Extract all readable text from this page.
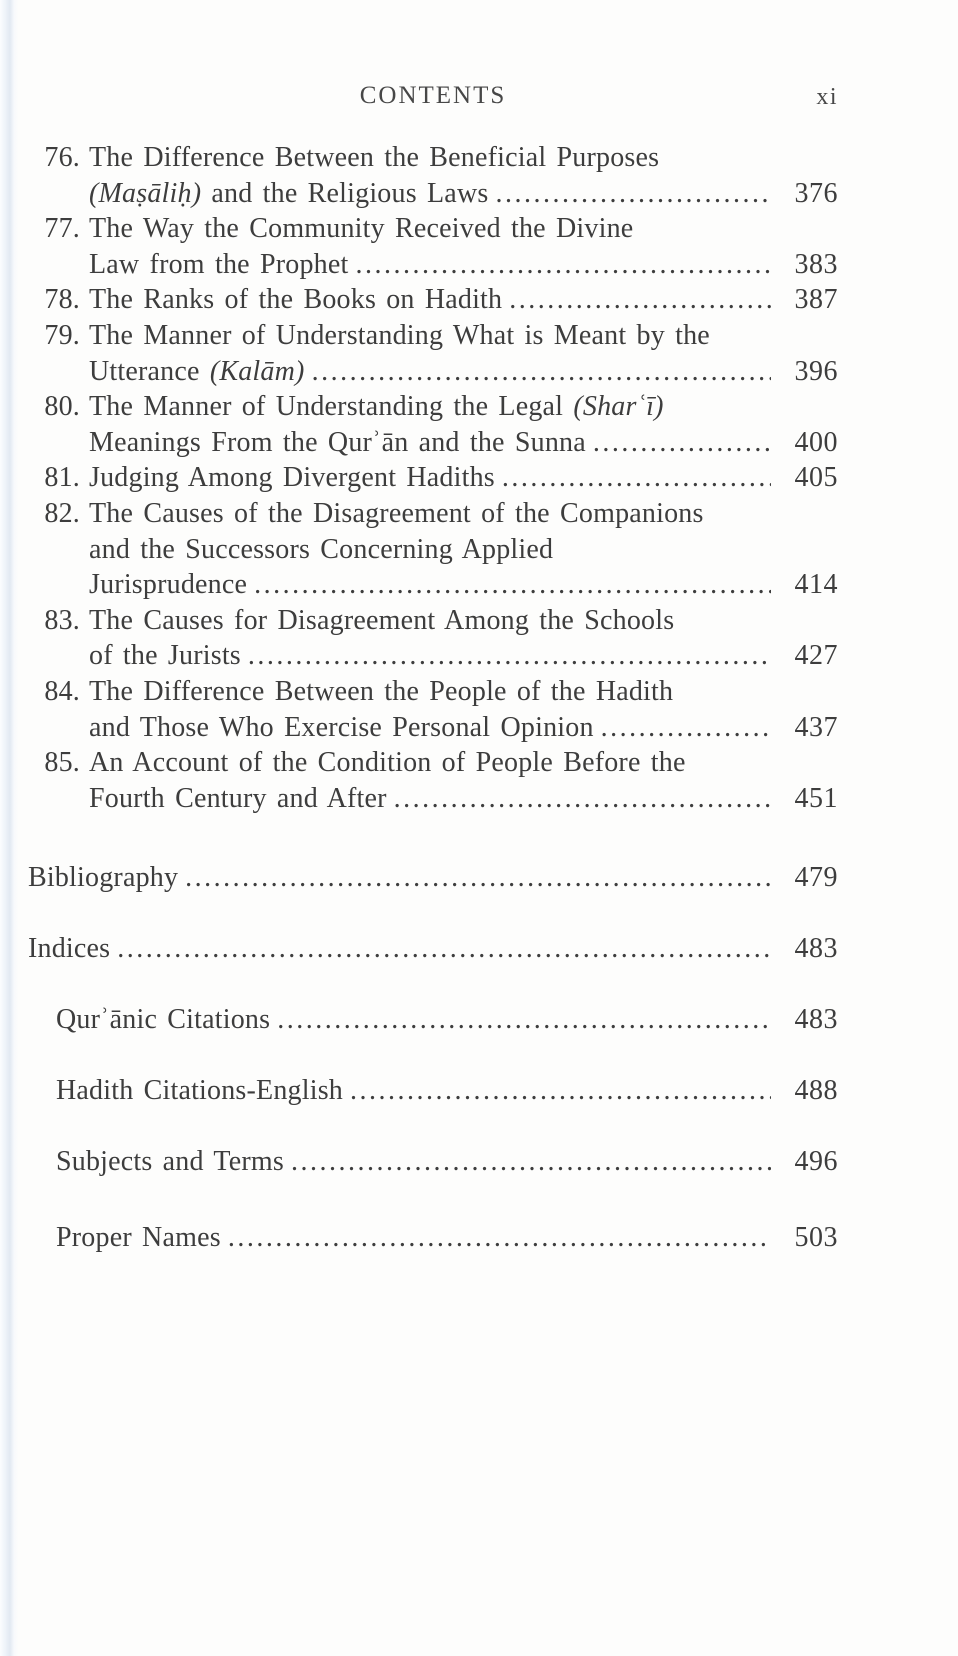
CONTENTS	xi
76. The Difference Between the Beneficial Purposes
(Maṣāliḥ) and the Religious Laws .....	376
77. The Way the Community Received the Divine
Law from the Prophet .....	383
78. The Ranks of the Books on Hadith .....	387
79. The Manner of Understanding What is Meant by the
Utterance (Kalām) .....	396
80. The Manner of Understanding the Legal (Sharʿī)
Meanings From the Qurʾān and the Sunna .....	400
81. Judging Among Divergent Hadiths .....	405
82. The Causes of the Disagreement of the Companions
and the Successors Concerning Applied
Jurisprudence .....	414
83. The Causes for Disagreement Among the Schools
of the Jurists .....	427
84. The Difference Between the People of the Hadith
and Those Who Exercise Personal Opinion .....	437
85. An Account of the Condition of People Before the
Fourth Century and After .....	451
Bibliography .....	479
Indices .....	483
Qurʾānic Citations .....	483
Hadith Citations-English .....	488
Subjects and Terms .....	496
Proper Names .....	503
